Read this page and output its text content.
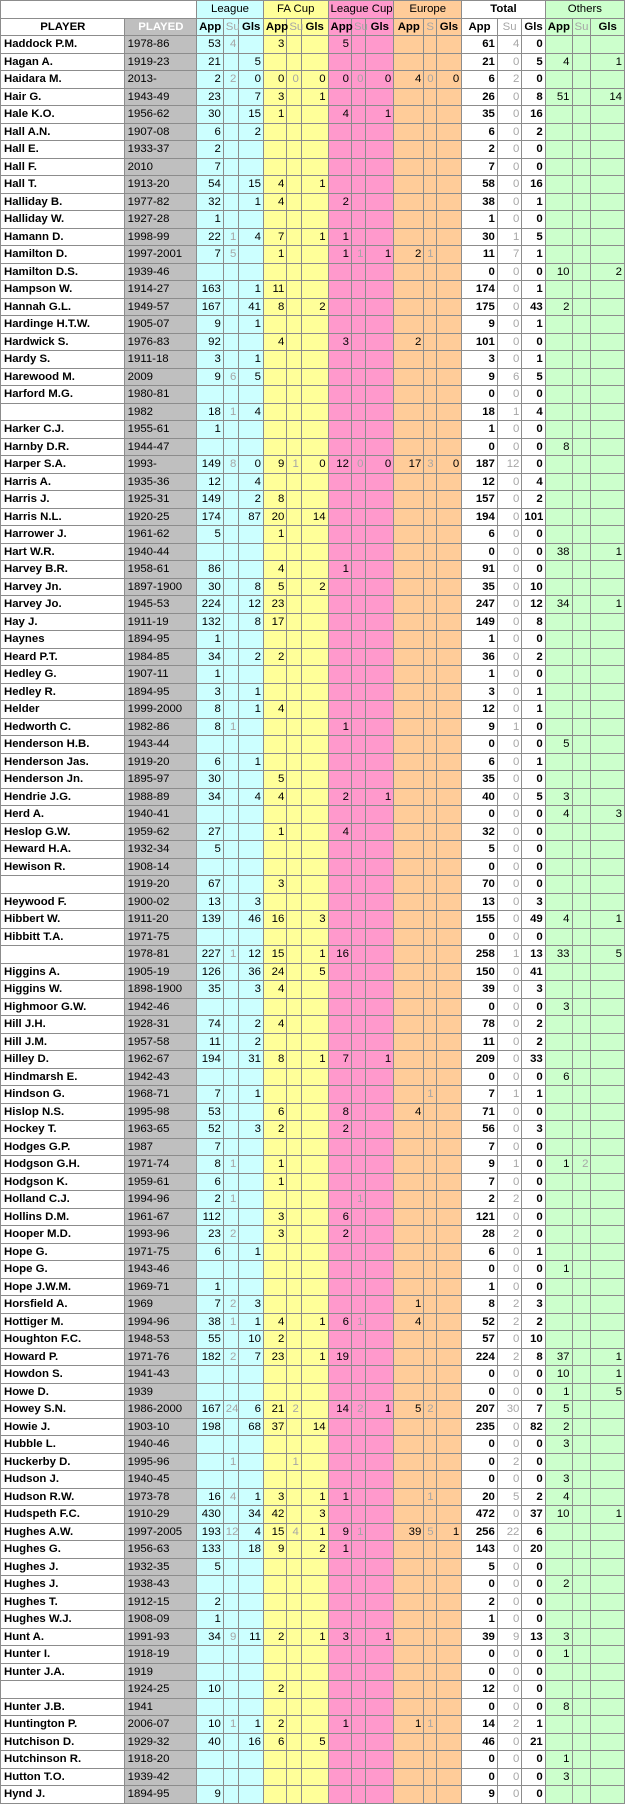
		League			FA Cup			League Cup			Europe			Total			Others		
PLAYER	PLAYED	App	Su	Gls	App	Su	Gls	App	Su	Gls	App	S	Gls	App	Su	Gls	App	Su	Gls
Haddock P.M.	1978-86	53	4		3			5						61	4	0			
Hagan A.	1919-23	21		5										21	0	5	4		1
Haidara M.	2013-	2	2	0	0	0	0	0	0	0	4	0	0	6	2	0			
Hair G.	1943-49	23		7	3		1							26	0	8	51		14
Hale K.O.	1956-62	30		15	1			4		1				35	0	16			
Hall A.N.	1907-08	6		2										6	0	2			
Hall E.	1933-37	2												2	0	0			
Hall F.	2010	7												7	0	0			
Hall T.	1913-20	54		15	4		1							58	0	16			
Halliday B.	1977-82	32		1	4			2						38	0	1			
Halliday W.	1927-28	1												1	0	0			
Hamann D.	1998-99	22	1	4	7		1	1						30	1	5			
Hamilton D.	1997-2001	7	5		1			1	1	1	2	1		11	7	1			
Hamilton D.S.	1939-46													0	0	0	10		2
Hampson W.	1914-27	163		1	11									174	0	1			
Hannah G.L.	1949-57	167		41	8		2							175	0	43	2		
Hardinge H.T.W.	1905-07	9		1										9	0	1			
Hardwick S.	1976-83	92			4			3			2			101	0	0			
Hardy S.	1911-18	3		1										3	0	1			
Harewood M.	2009	9	6	5										9	6	5			
Harford M.G.	1980-81													0	0	0			
	1982	18	1	4										18	1	4			
Harker C.J.	1955-61	1												1	0	0			
Harnby D.R.	1944-47													0	0	0	8		
Harper S.A.	1993-	149	8	0	9	1	0	12	0	0	17	3	0	187	12	0			
Harris A.	1935-36	12		4										12	0	4			
Harris J.	1925-31	149		2	8									157	0	2			
Harris N.L.	1920-25	174		87	20		14							194	0	101			
Harrower J.	1961-62	5			1									6	0	0			
Hart W.R.	1940-44													0	0	0	38		1
Harvey B.R.	1958-61	86			4			1						91	0	0			
Harvey Jn.	1897-1900	30		8	5		2							35	0	10			
Harvey Jo.	1945-53	224		12	23									247	0	12	34		1
Hay J.	1911-19	132		8	17									149	0	8			
Haynes	1894-95	1												1	0	0			
Heard P.T.	1984-85	34		2	2									36	0	2			
Hedley G.	1907-11	1												1	0	0			
Hedley R.	1894-95	3		1										3	0	1			
Helder	1999-2000	8		1	4									12	0	1			
Hedworth C.	1982-86	8	1					1						9	1	0			
Henderson H.B.	1943-44													0	0	0	5		
Henderson Jas.	1919-20	6		1										6	0	1			
Henderson Jn.	1895-97	30			5									35	0	0			
Hendrie J.G.	1988-89	34		4	4			2		1				40	0	5	3		
Herd A.	1940-41													0	0	0	4		3
Heslop G.W.	1959-62	27			1			4						32	0	0			
Heward H.A.	1932-34	5												5	0	0			
Hewison R.	1908-14													0	0	0			
	1919-20	67			3									70	0	0			
Heywood F.	1900-02	13		3										13	0	3			
Hibbert W.	1911-20	139		46	16		3							155	0	49	4		1
Hibbitt T.A.	1971-75													0	0	0			
	1978-81	227	1	12	15		1	16						258	1	13	33		5
Higgins A.	1905-19	126		36	24		5							150	0	41			
Higgins W.	1898-1900	35		3	4									39	0	3			
Highmoor G.W.	1942-46													0	0	0	3		
Hill J.H.	1928-31	74		2	4									78	0	2			
Hill J.M.	1957-58	11		2										11	0	2			
Hilley D.	1962-67	194		31	8		1	7		1				209	0	33			
Hindmarsh E.	1942-43													0	0	0	6		
Hindson G.	1968-71	7		1								1		7	1	1			
Hislop N.S.	1995-98	53			6			8			4			71	0	0			
Hockey T.	1963-65	52		3	2			2						56	0	3			
Hodges G.P.	1987	7												7	0	0			
Hodgson G.H.	1971-74	8	1		1									9	1	0	1	2	
Hodgson K.	1959-61	6			1									7	0	0			
Holland C.J.	1994-96	2	1						1					2	2	0			
Hollins D.M.	1961-67	112			3			6						121	0	0			
Hooper M.D.	1993-96	23	2		3			2						28	2	0			
Hope G.	1971-75	6		1										6	0	1			
Hope G.	1943-46													0	0	0	1		
Hope J.W.M.	1969-71	1												1	0	0			
Horsfield A.	1969	7	2	3							1			8	2	3			
Hottiger M.	1994-96	38	1	1	4		1	6	1		4			52	2	2			
Houghton F.C.	1948-53	55		10	2									57	0	10			
Howard P.	1971-76	182	2	7	23		1	19						224	2	8	37		1
Howdon S.	1941-43													0	0	0	10		1
Howe D.	1939													0	0	0	1		5
Howey S.N.	1986-2000	167	24	6	21	2		14	2	1	5	2		207	30	7	5		
Howie J.	1903-10	198		68	37		14							235	0	82	2		
Hubble L.	1940-46													0	0	0	3		
Huckerby D.	1995-96		1			1								0	2	0			
Hudson J.	1940-45													0	0	0	3		
Hudson R.W.	1973-78	16	4	1	3		1	1				1		20	5	2	4		
Hudspeth F.C.	1910-29	430		34	42		3							472	0	37	10		1
Hughes A.W.	1997-2005	193	12	4	15	4	1	9	1		39	5	1	256	22	6			
Hughes G.	1956-63	133		18	9		2	1						143	0	20			
Hughes J.	1932-35	5												5	0	0			
Hughes J.	1938-43													0	0	0	2		
Hughes T.	1912-15	2												2	0	0			
Hughes W.J.	1908-09	1												1	0	0			
Hunt A.	1991-93	34	9	11	2		1	3		1				39	9	13	3		
Hunter I.	1918-19													0	0	0	1		
Hunter J.A.	1919													0	0	0			
	1924-25	10			2									12	0	0			
Hunter J.B.	1941													0	0	0	8		
Huntington P.	2006-07	10	1	1	2			1			1	1		14	2	1			
Hutchison D.	1929-32	40		16	6		5							46	0	21			
Hutchinson R.	1918-20													0	0	0	1		
Hutton T.O.	1939-42													0	0	0	3		
Hynd J.	1894-95	9												9	0	0			
